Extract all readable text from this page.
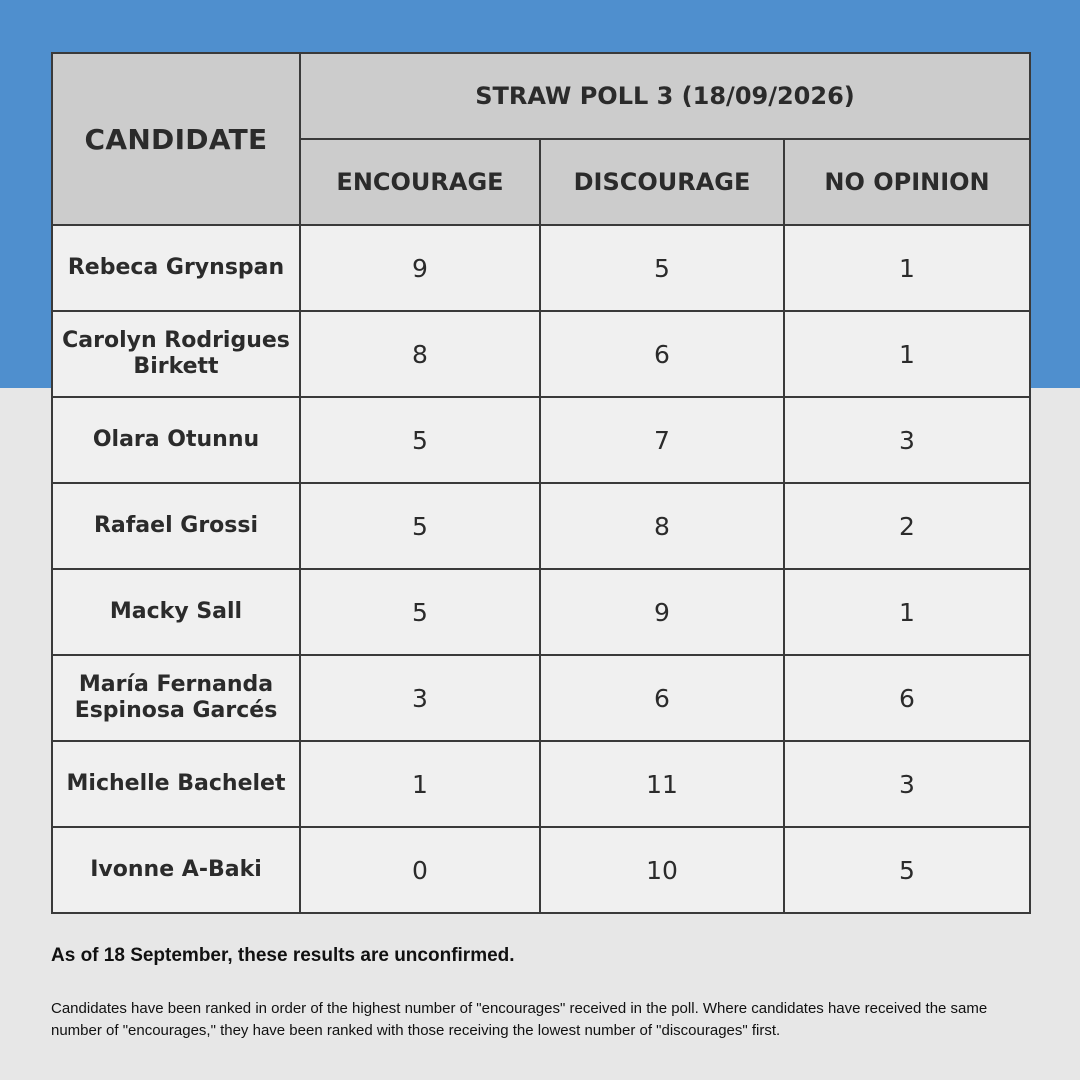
CANDIDATE	STRAW POLL 3 (18/09/2026)		
	ENCOURAGE	DISCOURAGE	NO OPINION
Rebeca Grynspan	9	5	1
Carolyn Rodrigues Birkett	8	6	1
Olara Otunnu	5	7	3
Rafael Grossi	5	8	2
Macky Sall	5	9	1
María Fernanda Espinosa Garcés	3	6	6
Michelle Bachelet	1	11	3
Ivonne A-Baki	0	10	5

As of 18 September, these results are unconfirmed.

Candidates have been ranked in order of the highest number of "encourages" received in the poll. Where candidates have received the same number of "encourages," they have been ranked with those receiving the lowest number of "discourages" first.
